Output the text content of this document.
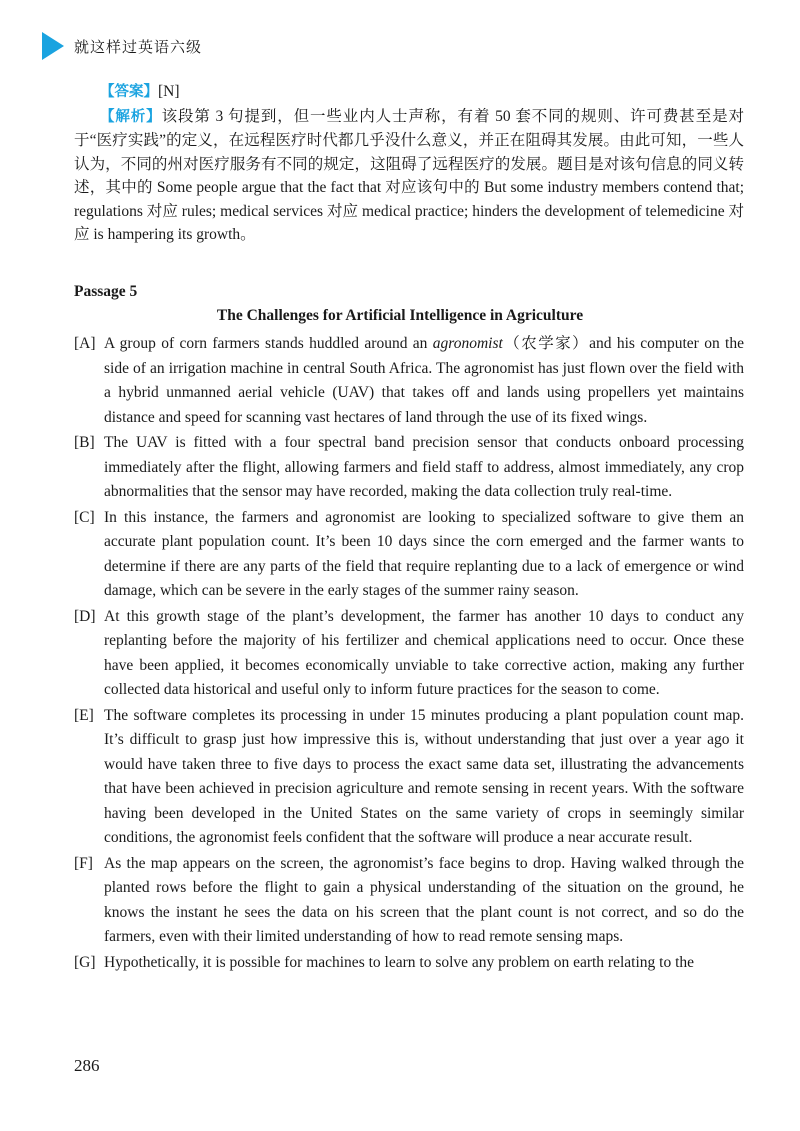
就这样过英语六级

【答案】[N]

【解析】该段第 3 句提到，但一些业内人士声称，有着 50 套不同的规则、许可费甚至是对于“医疗实践”的定义，在远程医疗时代都几乎没什么意义，并正在阻碍其发展。由此可知，一些人认为，不同的州对医疗服务有不同的规定，这阻碍了远程医疗的发展。题目是对该句信息的同义转述，其中的 Some people argue that the fact that 对应该句中的 But some industry members contend that; regulations 对应 rules; medical services 对应 medical practice; hinders the development of telemedicine 对应 is hampering its growth。

Passage 5
The Challenges for Artificial Intelligence in Agriculture

[A] A group of corn farmers stands huddled around an agronomist（农学家）and his computer on the side of an irrigation machine in central South Africa. The agronomist has just flown over the field with a hybrid unmanned aerial vehicle (UAV) that takes off and lands using propellers yet maintains distance and speed for scanning vast hectares of land through the use of its fixed wings.

[B] The UAV is fitted with a four spectral band precision sensor that conducts onboard processing immediately after the flight, allowing farmers and field staff to address, almost immediately, any crop abnormalities that the sensor may have recorded, making the data collection truly real-time.

[C] In this instance, the farmers and agronomist are looking to specialized software to give them an accurate plant population count. It’s been 10 days since the corn emerged and the farmer wants to determine if there are any parts of the field that require replanting due to a lack of emergence or wind damage, which can be severe in the early stages of the summer rainy season.

[D] At this growth stage of the plant’s development, the farmer has another 10 days to conduct any replanting before the majority of his fertilizer and chemical applications need to occur. Once these have been applied, it becomes economically unviable to take corrective action, making any further collected data historical and useful only to inform future practices for the season to come.

[E] The software completes its processing in under 15 minutes producing a plant population count map. It’s difficult to grasp just how impressive this is, without understanding that just over a year ago it would have taken three to five days to process the exact same data set, illustrating the advancements that have been achieved in precision agriculture and remote sensing in recent years. With the software having been developed in the United States on the same variety of crops in seemingly similar conditions, the agronomist feels confident that the software will produce a near accurate result.

[F] As the map appears on the screen, the agronomist’s face begins to drop. Having walked through the planted rows before the flight to gain a physical understanding of the situation on the ground, he knows the instant he sees the data on his screen that the plant count is not correct, and so do the farmers, even with their limited understanding of how to read remote sensing maps.

[G] Hypothetically, it is possible for machines to learn to solve any problem on earth relating to the

286
